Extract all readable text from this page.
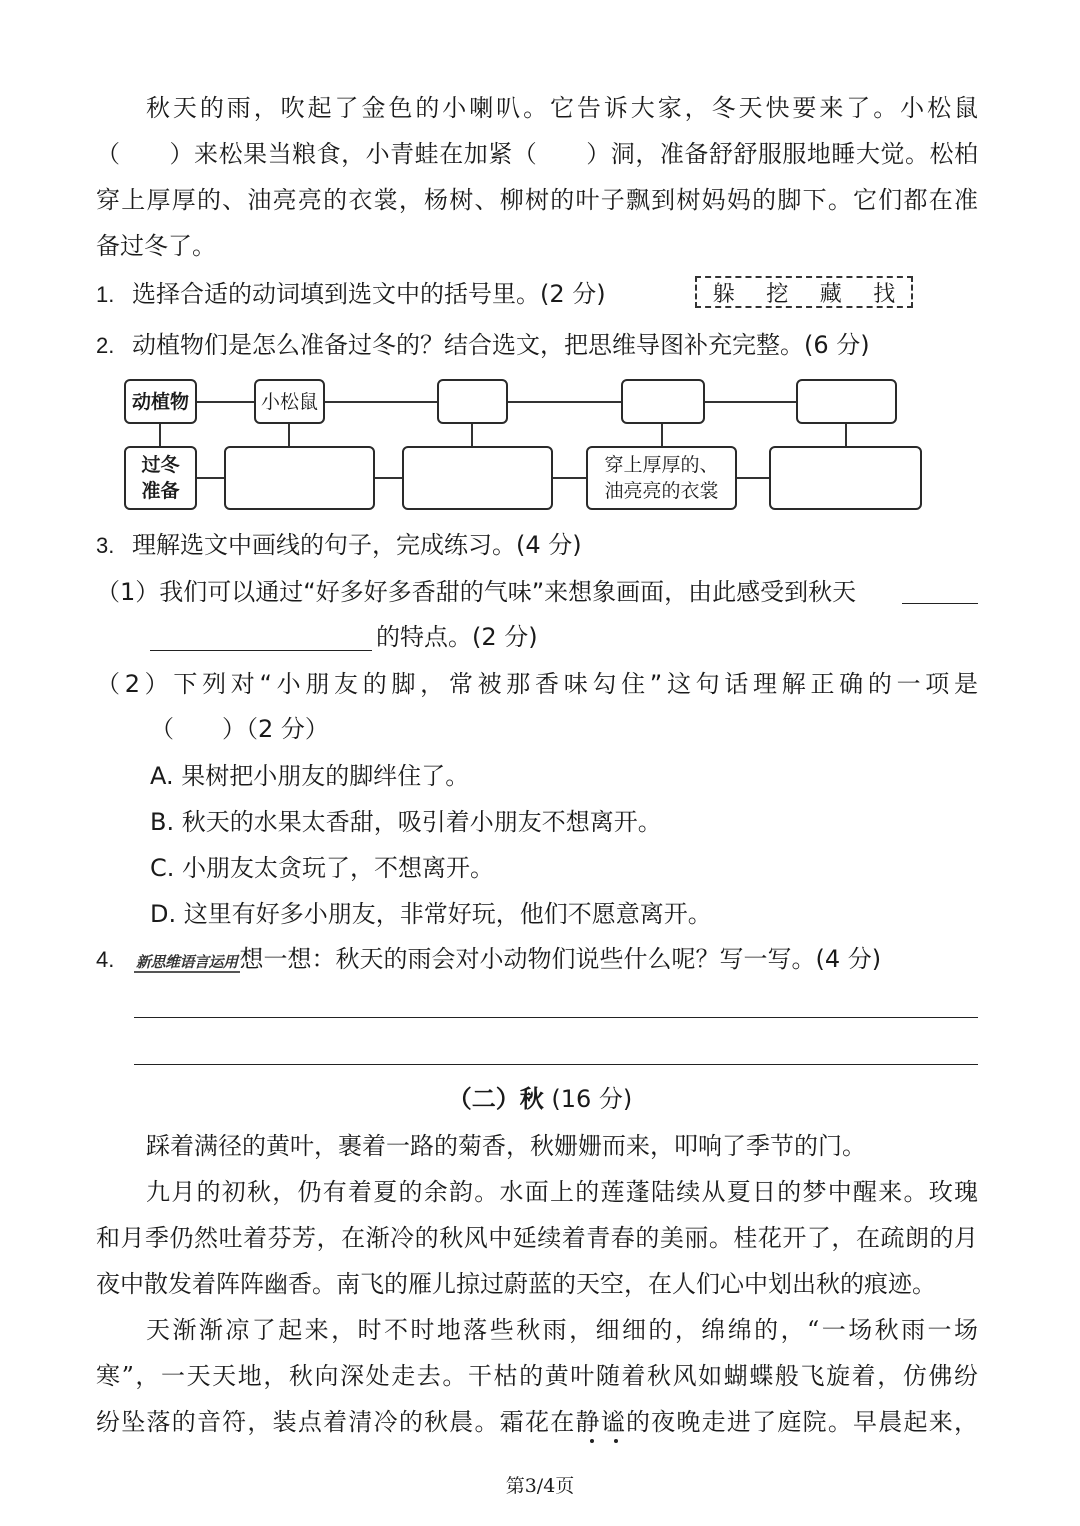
秋天的雨，吹起了金色的小喇叭。它告诉大家，冬天快要来了。小松鼠
（　　）来松果当粮食，小青蛙在加紧（　　）洞，准备舒舒服服地睡大觉。松柏
穿上厚厚的、油亮亮的衣裳，杨树、柳树的叶子飘到树妈妈的脚下。它们都在准
备过冬了。
1. 选择合适的动词填到选文中的括号里。(2 分)	躲 挖 藏 找
2. 动植物们是怎么准备过冬的？结合选文，把思维导图补充完整。(6 分)
动植物
过冬准备
小松鼠
穿上厚厚的、油亮亮的衣裳
3. 理解选文中画线的句子，完成练习。(4 分)
（1）我们可以通过“好多好多香甜的气味”来想象画面，由此感受到秋天
的特点。(2 分)
（2）下列对“小朋友的脚，常被那香味勾住”这句话理解正确的一项是
（　　）（2 分）
A. 果树把小朋友的脚绊住了。
B. 秋天的水果太香甜，吸引着小朋友不想离开。
C. 小朋友太贪玩了，不想离开。
D. 这里有好多小朋友，非常好玩，他们不愿意离开。
4. 新思维语言运用想一想：秋天的雨会对小动物们说些什么呢？写一写。(4 分)
（二）秋 (16 分)
踩着满径的黄叶，裹着一路的菊香，秋姗姗而来，叩响了季节的门。
九月的初秋，仍有着夏的余韵。水面上的莲蓬陆续从夏日的梦中醒来。玫瑰
和月季仍然吐着芬芳，在渐冷的秋风中延续着青春的美丽。桂花开了，在疏朗的月
夜中散发着阵阵幽香。南飞的雁儿掠过蔚蓝的天空，在人们心中划出秋的痕迹。
天渐渐凉了起来，时不时地落些秋雨，细细的，绵绵的，“一场秋雨一场
寒”，一天天地，秋向深处走去。干枯的黄叶随着秋风如蝴蝶般飞旋着，仿佛纷
纷坠落的音符，装点着清冷的秋晨。霜花在静谧的夜晚走进了庭院。早晨起来，
第3/4页
